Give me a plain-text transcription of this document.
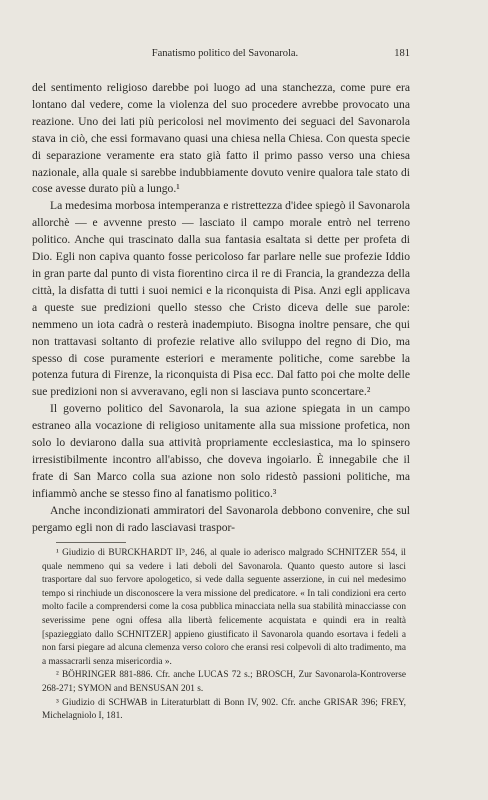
Fanatismo politico del Savonarola.	181

del sentimento religioso darebbe poi luogo ad una stanchezza, come pure era lontano dal vedere, come la violenza del suo procedere avrebbe provocato una reazione. Uno dei lati più pericolosi nel movimento dei seguaci del Savonarola stava in ciò, che essi formavano quasi una chiesa nella Chiesa. Con questa specie di separazione veramente era stato già fatto il primo passo verso una chiesa nazionale, alla quale si sarebbe indubbiamente dovuto venire qualora tale stato di cose avesse durato più a lungo.¹

La medesima morbosa intemperanza e ristrettezza d'idee spiegò il Savonarola allorchè — e avvenne presto — lasciato il campo morale entrò nel terreno politico. Anche qui trascinato dalla sua fantasia esaltata si dette per profeta di Dio. Egli non capiva quanto fosse pericoloso far parlare nelle sue profezie Iddio in gran parte dal punto di vista fiorentino circa il re di Francia, la grandezza della città, la disfatta di tutti i suoi nemici e la riconquista di Pisa. Anzi egli applicava a queste sue predizioni quello stesso che Cristo diceva delle sue parole: nemmeno un iota cadrà o resterà inadempiuto. Bisogna inoltre pensare, che qui non trattavasi soltanto di profezie relative allo sviluppo del regno di Dio, ma spesso di cose puramente esteriori e meramente politiche, come sarebbe la potenza futura di Firenze, la riconquista di Pisa ecc. Dal fatto poi che molte delle sue predizioni non si avveravano, egli non si lasciava punto sconcertare.²

Il governo politico del Savonarola, la sua azione spiegata in un campo estraneo alla vocazione di religioso unitamente alla sua missione profetica, non solo lo deviarono dalla sua attività propriamente ecclesiastica, ma lo spinsero irresistibilmente incontro all'abisso, che doveva ingoiarlo. È innegabile che il frate di San Marco colla sua azione non solo ridestò passioni politiche, ma infiammò anche se stesso fino al fanatismo politico.³

Anche incondizionati ammiratori del Savonarola debbono convenire, che sul pergamo egli non di rado lasciavasi traspor-

¹ Giudizio di BURCKHARDT II⁵, 246, al quale io aderisco malgrado SCHNITZER 554, il quale nemmeno qui sa vedere i lati deboli del Savonarola. Quanto questo autore si lasci trasportare dal suo fervore apologetico, si vede dalla seguente asserzione, in cui nel medesimo tempo si rinchiude un disconoscere la vera missione del predicatore. « In tali condizioni era certo molto facile a comprendersi come la cosa pubblica minacciata nella sua stabilità minacciasse con severissime pene ogni offesa alla libertà felicemente acquistata e quindi era in realtà [spazieggiato dallo SCHNITZER] appieno giustificato il Savonarola quando esortava i fedeli a non farsi piegare ad alcuna clemenza verso coloro che eransi resi colpevoli di alto tradimento, ma a massacrarli senza misericordia ».

² BÖHRINGER 881-886. Cfr. anche LUCAS 72 s.; BROSCH, Zur Savonarola-Kontroverse 268-271; SYMON and BENSUSAN 201 s.

³ Giudizio di SCHWAB in Literaturblatt di Bonn IV, 902. Cfr. anche GRISAR 396; FREY, Michelagniolo I, 181.
